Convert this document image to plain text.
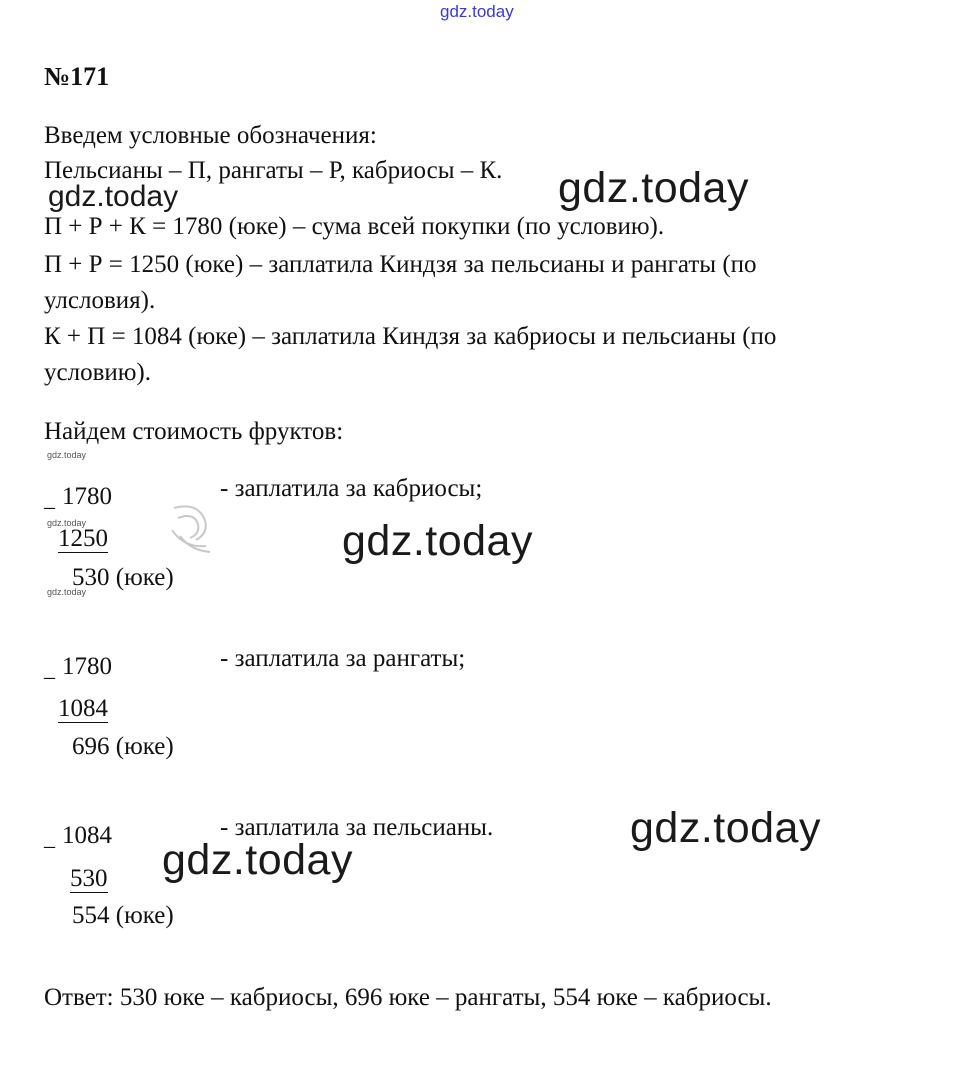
gdz.today
№171
Введем условные обозначения:
Пельсианы – П, рангаты – Р, кабриосы – К.
П + Р + К = 1780 (юке) – сума всей покупки (по условию).
П + Р = 1250 (юке) – заплатила Киндзя за пельсианы и рангаты (по
улсловия).
К + П = 1084 (юке) – заплатила Киндзя за кабриосы и пельсианы (по
условию).
Найдем стоимость фруктов:
_ 1780
1250
530 (юке)
- заплатила за кабриосы;
_ 1780
1084
696 (юке)
- заплатила за рангаты;
_ 1084
530
554 (юке)
- заплатила за пельсианы.
Ответ: 530 юке – кабриосы, 696 юке – рангаты, 554 юке – кабриосы.
gdz.today	gdz.today
gdz.today
gdz.today
gdz.today
gdz.today
gdz.today
gdz.today
